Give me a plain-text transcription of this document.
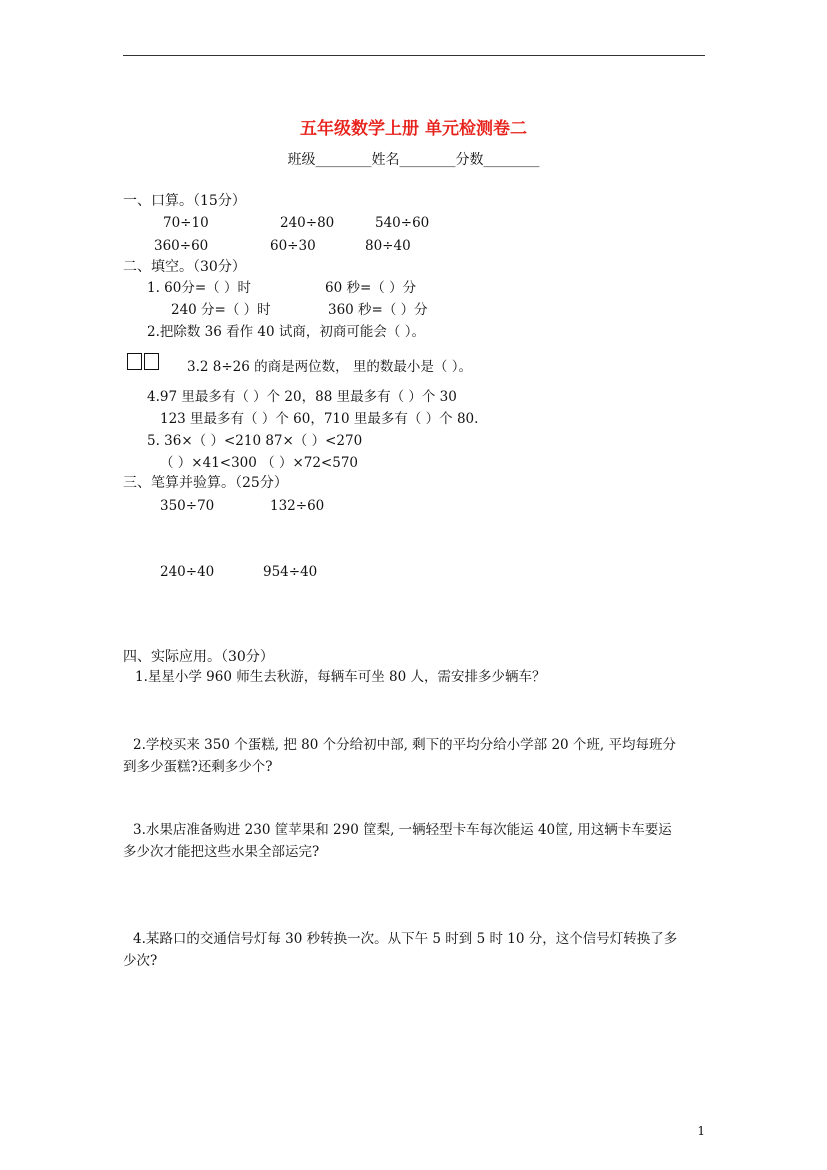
五年级数学上册 单元检测卷二
班级________姓名________分数________
一、口算。（15分）
70÷10	240÷80	540÷60
360÷60	60÷30	80÷40
二、填空。（30分）
1. 60分=（ ）时	60 秒=（ ）分
240 分=（ ）时	360 秒=（ ）分
2.把除数 36 看作 40 试商，初商可能会（ ）。
3.2 8÷26 的商是两位数， 里的数最小是（ ）。
4.97 里最多有（ ）个 20，88 里最多有（ ）个 30
123 里最多有（ ）个 60，710 里最多有（ ）个 80.
5. 36×（ ）<210 87×（ ）<270
（ ）×41<300 （ ）×72<570
三、笔算并验算。（25分）
350÷70	132÷60
240÷40	954÷40
四、实际应用。（30分）
1.星星小学 960 师生去秋游，每辆车可坐 80 人，需安排多少辆车？
2.学校买来 350 个蛋糕, 把 80 个分给初中部, 剩下的平均分给小学部 20 个班, 平均每班分
到多少蛋糕?还剩多少个?
3.水果店准备购进 230 筐苹果和 290 筐梨, 一辆轻型卡车每次能运 40筐, 用这辆卡车要运
多少次才能把这些水果全部运完?
4.某路口的交通信号灯每 30 秒转换一次。从下午 5 时到 5 时 10 分，这个信号灯转换了多
少次?
1
